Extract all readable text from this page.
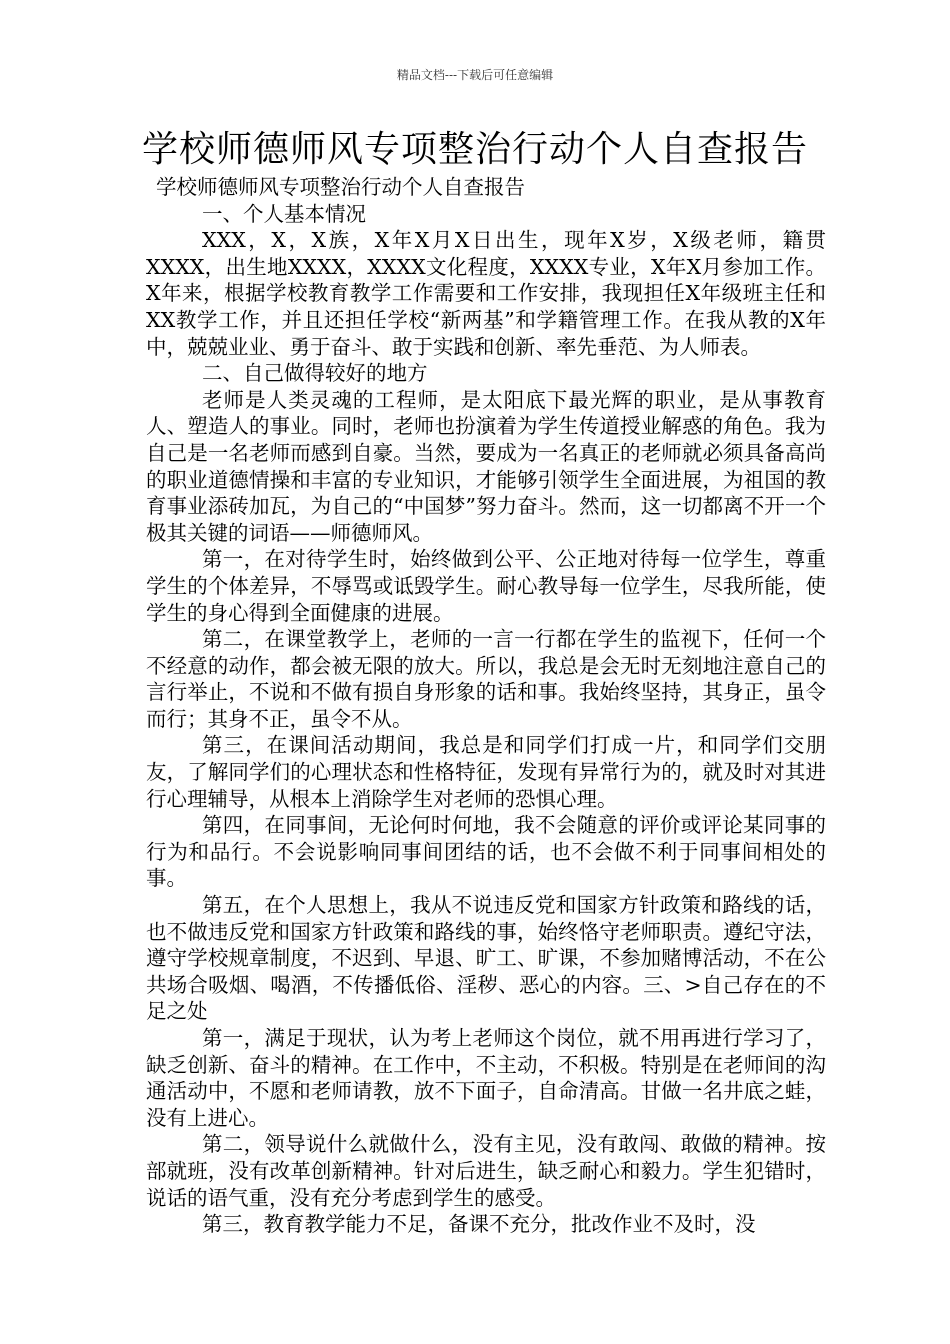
精品文档---下载后可任意编辑
学校师德师风专项整治行动个人自查报告

学校师德师风专项整治行动个人自查报告

一、个人基本情况

XXX，X，X族，X年X月X日出生，现年X岁，X级老师，籍贯XXXX，出生地XXXX，XXXX文化程度，XXXX专业，X年X月参加工作。X年来，根据学校教育教学工作需要和工作安排，我现担任X年级班主任和XX教学工作，并且还担任学校“新两基”和学籍管理工作。在我从教的X年中，兢兢业业、勇于奋斗、敢于实践和创新、率先垂范、为人师表。

二、自己做得较好的地方

老师是人类灵魂的工程师，是太阳底下最光辉的职业，是从事教育人、塑造人的事业。同时，老师也扮演着为学生传道授业解惑的角色。我为自己是一名老师而感到自豪。当然，要成为一名真正的老师就必须具备高尚的职业道德情操和丰富的专业知识，才能够引领学生全面进展，为祖国的教育事业添砖加瓦，为自己的“中国梦”努力奋斗。然而，这一切都离不开一个极其关键的词语——师德师风。

第一，在对待学生时，始终做到公平、公正地对待每一位学生，尊重学生的个体差异，不辱骂或诋毁学生。耐心教导每一位学生，尽我所能，使学生的身心得到全面健康的进展。

第二，在课堂教学上，老师的一言一行都在学生的监视下，任何一个不经意的动作，都会被无限的放大。所以，我总是会无时无刻地注意自己的言行举止，不说和不做有损自身形象的话和事。我始终坚持，其身正，虽令而行；其身不正，虽令不从。

第三，在课间活动期间，我总是和同学们打成一片，和同学们交朋友，了解同学们的心理状态和性格特征，发现有异常行为的，就及时对其进行心理辅导，从根本上消除学生对老师的恐惧心理。

第四，在同事间，无论何时何地，我不会随意的评价或评论某同事的行为和品行。不会说影响同事间团结的话，也不会做不利于同事间相处的事。

第五，在个人思想上，我从不说违反党和国家方针政策和路线的话，也不做违反党和国家方针政策和路线的事，始终恪守老师职责。遵纪守法，遵守学校规章制度，不迟到、早退、旷工、旷课，不参加赌博活动，不在公共场合吸烟、喝酒，不传播低俗、淫秽、恶心的内容。三、>自己存在的不足之处

第一，满足于现状，认为考上老师这个岗位，就不用再进行学习了，缺乏创新、奋斗的精神。在工作中，不主动，不积极。特别是在老师间的沟通活动中，不愿和老师请教，放不下面子，自命清高。甘做一名井底之蛙，没有上进心。

第二，领导说什么就做什么，没有主见，没有敢闯、敢做的精神。按部就班，没有改革创新精神。针对后进生，缺乏耐心和毅力。学生犯错时，说话的语气重，没有充分考虑到学生的感受。

第三，教育教学能力不足，备课不充分，批改作业不及时，没
